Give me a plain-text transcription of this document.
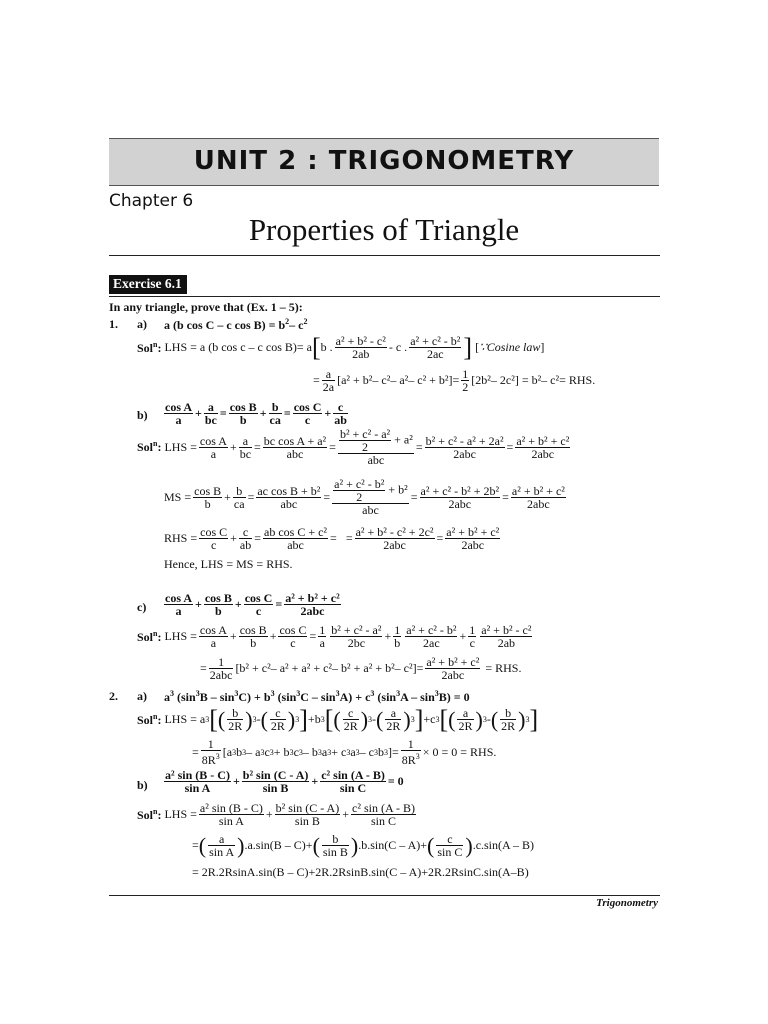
UNIT 2 : TRIGONOMETRY
Chapter 6
Properties of Triangle
Exercise 6.1
In any triangle, prove that (Ex. 1 – 5):
1. a) a (b cos C – c $\cos B) = b^2-$ $c^2$
Sol$^n$:
LHS = a (b cos c – c cos B)= a [ b . $\frac{\text{a² + b² - c²}}{2ab}$ - c . $\frac{\text{a² + c² - b²}}{2ac}$ ] [ ∵Cosine law ]
= $\frac{a}{2a} [a^2 + b^2-$ c²– a²– $c^2 + b^2]= \frac{1}{2} [2b^2-$ 2c²] = b²– c²= RHS.
$b) \frac{\text{cos A}}{a} + \frac{a}{bc} = \frac{\text{cos B}}{b} + \frac{b}{ca} = \frac{\text{cos C}}{c} + \frac{c}{ab}$
Sol$^n$: LHS = $\frac{\text{cos A}}{a} + \frac{a}{bc} = \frac{\text{bc cos A + a²}}{\text{abc}} = \frac{\frac{\text{b² + c² - a²}}{2} + a^2}{\text{abc}} = \frac{\text{b² + c² - a² + 2a²}}{\text{2abc}} = \frac{\text{a² + b² + c²}}{\text{2abc}}$
MS = $\frac{\text{cos B}}{b} + \frac{b}{ca} = \frac{\text{ac cos B + b²}}{\text{abc}} = \frac{\frac{\text{a² + c² - b²}}{2} + b^2}{\text{abc}} = \frac{\text{a² + c² - b² + 2b²}}{\text{2abc}} = \frac{\text{a² + b² + c²}}{\text{2abc}}$
RHS = $\frac{\text{cos C}}{c} + \frac{c}{ab} = \frac{\text{ab cos C + c²}}{\text{abc}}$ =   = $\frac{\text{a² + b² - c² + 2c²}}{\text{2abc}} = \frac{\text{a² + b² + c²}}{\text{2abc}}$
Hence, LHS = MS = RHS.
$c) \frac{\text{cos A}}{a} + \frac{\text{cos B}}{b} + \frac{\text{cos C}}{c} = \frac{\text{a² + b² + c²}}{\text{2abc}}$
Sol$^n$: LHS = $\frac{\text{cos A}}{a} + \frac{\text{cos B}}{b} + \frac{\text{cos C}}{c} = \frac{1}{a} \frac{\text{b² + c² - a²}}{2bc} + \frac{1}{b} \frac{\text{a² + c² - b²}}{2ac} + \frac{1}{c} \frac{\text{a² + b² - c²}}{2ab}$
= $\frac{1}{\text{2abc}} [b^2 + c^2-$ a² + a² + c²– b² + a² + b²– $c^2]= \frac{\text{a² + b² + c²}}{\text{2abc}}$
= RHS.
2. a) $a^3$ $(\sin^3B - \sin^3C) + b^3$ $(\sin^3C - \sin^3A) + c^3$ $(\sin^3A - \sin^3B) = 0$
Sol$^n$: LHS = a 3 [ ( $\frac{b}{2R}$ ) 3 - ( $\frac{c}{2R}$ ) 3 ] +b 3 [ ( $\frac{c}{2R}$ ) 3 - ( $\frac{a}{2R}$ ) 3 ] +c 3 [ ( $\frac{a}{2R}$ ) 3 - ( $\frac{b}{2R}$ ) 3 ]
= $\frac{1}{8R^3} [a$ 3 b 3 – a 3 c 3 + b 3 c 3 – b 3 a 3 + c 3 a 3 – c 3 b 3 ]= $\frac{1}{8R^3} \times 0 = 0$ = RHS.
$b) \frac{\text{a² sin (B - C)}}{\text{sin A}} + \frac{\text{b² sin (C - A)}}{\text{sin B}} + \frac{\text{c² sin (A - B)}}{\text{sin C}} = 0$
Sol$^n$: LHS = $\frac{\text{a² sin (B - C)}}{\text{sin A}} + \frac{\text{b² sin (C - A)}}{\text{sin B}} + \frac{\text{c² sin (A - B)}}{\text{sin C}}$
= ( $\frac{a}{\text{sin A}}$ ) .a.sin(B – C)+ ( $\frac{b}{\text{sin B}}$ ) .b.sin(C – A)+ ( $\frac{c}{\text{sin C}}$ ) .c.sin(A – B)
= 2R.2RsinA.sin(B – C)+2R.2RsinB.sin(C – A)+2R.2RsinC.sin(A–B)
Trigonometry
